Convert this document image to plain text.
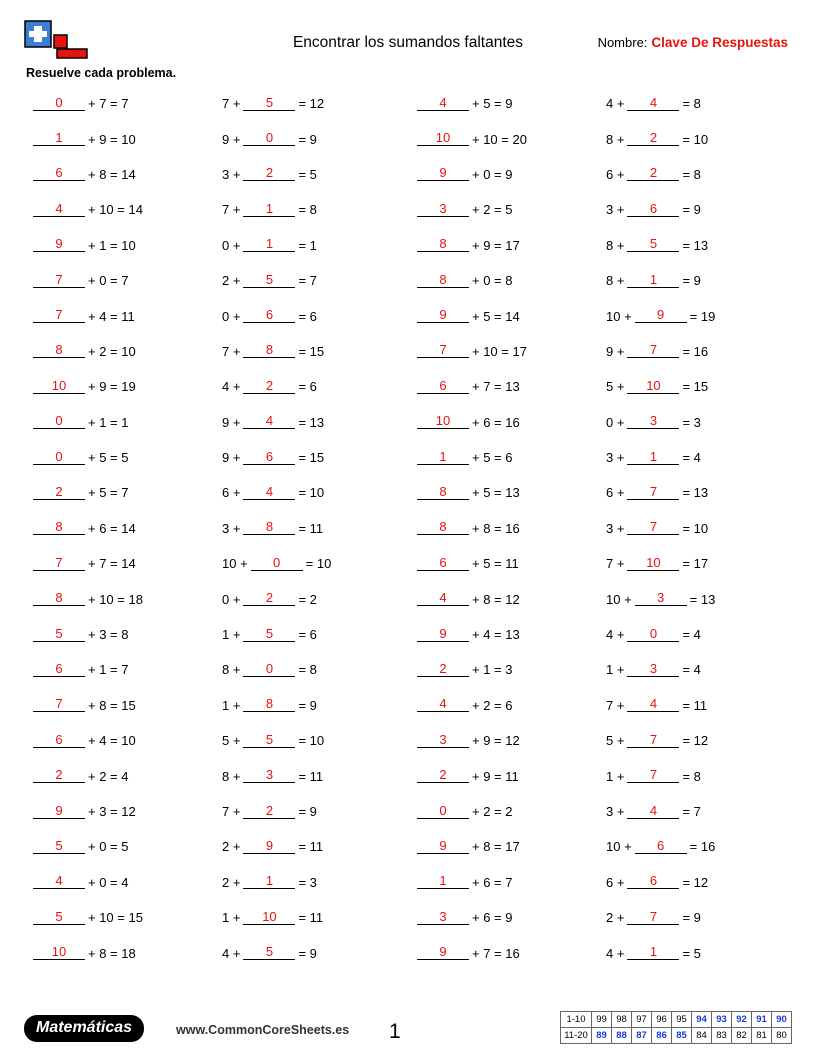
Encontrar los sumandos faltantes	Nombre: Clave De Respuestas
Resuelve cada problema.
0	+ 7 = 7
1	+ 9 = 10
6	+ 8 = 14
4	+ 10 = 14
9	+ 1 = 10
7	+ 0 = 7
7	+ 4 = 11
8	+ 2 = 10
10	+ 9 = 19
0	+ 1 = 1
0	+ 5 = 5
2	+ 5 = 7
8	+ 6 = 14
7	+ 7 = 14
8	+ 10 = 18
5	+ 3 = 8
6	+ 1 = 7
7	+ 8 = 15
6	+ 4 = 10
2	+ 2 = 4
9	+ 3 = 12
5	+ 0 = 5
4	+ 0 = 4
5	+ 10 = 15
10	+ 8 = 18
7 +	5	= 12
9 +	0	= 9
3 +	2	= 5
7 +	1	= 8
0 +	1	= 1
2 +	5	= 7
0 +	6	= 6
7 +	8	= 15
4 +	2	= 6
9 +	4	= 13
9 +	6	= 15
6 +	4	= 10
3 +	8	= 11
10 +	0	= 10
0 +	2	= 2
1 +	5	= 6
8 +	0	= 8
1 +	8	= 9
5 +	5	= 10
8 +	3	= 11
7 +	2	= 9
2 +	9	= 11
2 +	1	= 3
1 +	10	= 11
4 +	5	= 9
4	+ 5 = 9
10	+ 10 = 20
9	+ 0 = 9
3	+ 2 = 5
8	+ 9 = 17
8	+ 0 = 8
9	+ 5 = 14
7	+ 10 = 17
6	+ 7 = 13
10	+ 6 = 16
1	+ 5 = 6
8	+ 5 = 13
8	+ 8 = 16
6	+ 5 = 11
4	+ 8 = 12
9	+ 4 = 13
2	+ 1 = 3
4	+ 2 = 6
3	+ 9 = 12
2	+ 9 = 11
0	+ 2 = 2
9	+ 8 = 17
1	+ 6 = 7
3	+ 6 = 9
9	+ 7 = 16
4 +	4	= 8
8 +	2	= 10
6 +	2	= 8
3 +	6	= 9
8 +	5	= 13
8 +	1	= 9
10 +	9	= 19
9 +	7	= 16
5 +	10	= 15
0 +	3	= 3
3 +	1	= 4
6 +	7	= 13
3 +	7	= 10
7 +	10	= 17
10 +	3	= 13
4 +	0	= 4
1 +	3	= 4
7 +	4	= 11
5 +	7	= 12
1 +	7	= 8
3 +	4	= 7
10 +	6	= 16
6 +	6	= 12
2 +	7	= 9
4 +	1	= 5
Matemáticas	www.CommonCoreSheets.es 1
1-10	99	98	97	96	95	94	93	92	91	90
11-20	89	88	87	86	85	84	83	82	81	80
